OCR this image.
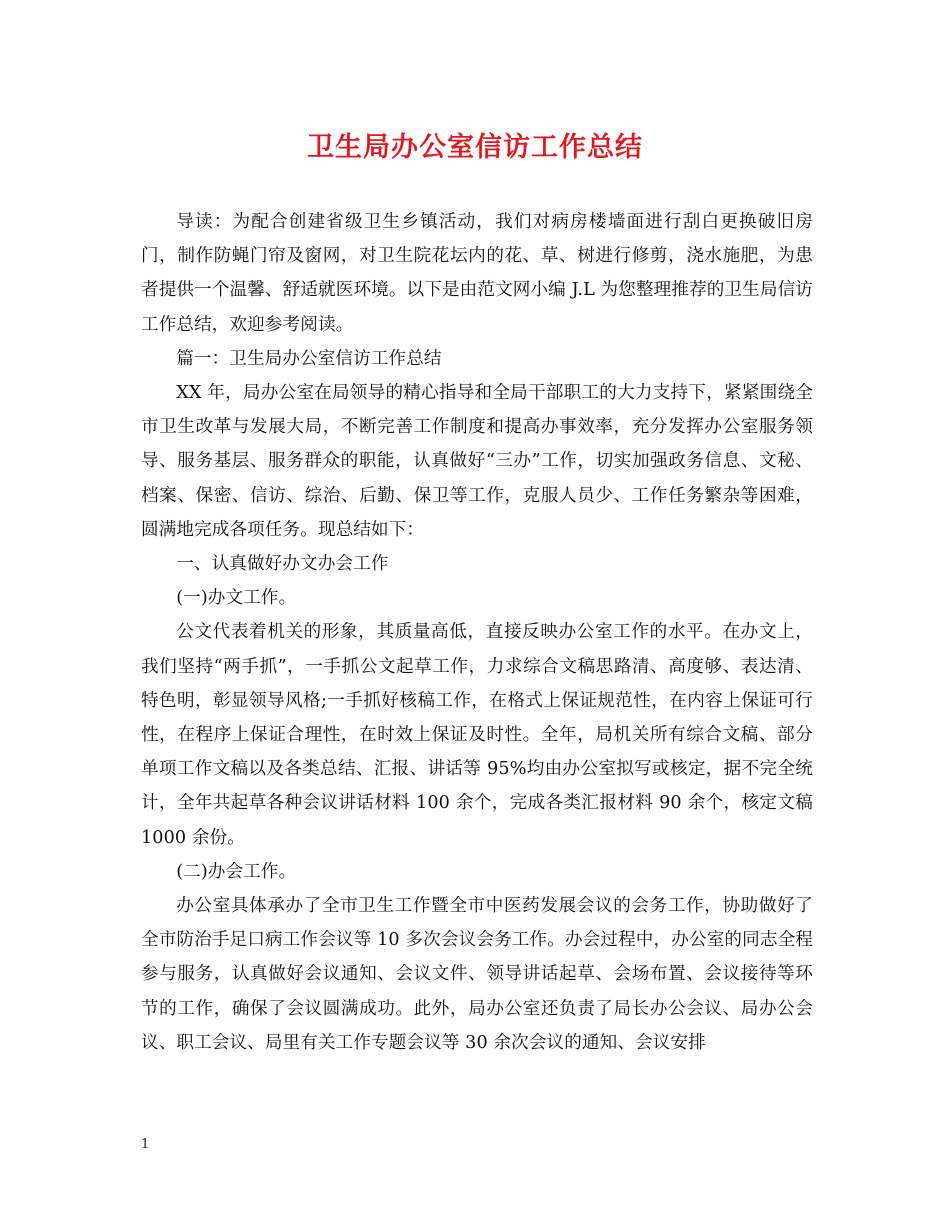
卫生局办公室信访工作总结

导读：为配合创建省级卫生乡镇活动，我们对病房楼墙面进行刮白更换破旧房门，制作防蝇门帘及窗网，对卫生院花坛内的花、草、树进行修剪，浇水施肥，为患者提供一个温馨、舒适就医环境。以下是由范文网小编 J.L 为您整理推荐的卫生局信访工作总结，欢迎参考阅读。

篇一：卫生局办公室信访工作总结

XX 年，局办公室在局领导的精心指导和全局干部职工的大力支持下，紧紧围绕全市卫生改革与发展大局，不断完善工作制度和提高办事效率，充分发挥办公室服务领导、服务基层、服务群众的职能，认真做好“三办”工作，切实加强政务信息、文秘、档案、保密、信访、综治、后勤、保卫等工作，克服人员少、工作任务繁杂等困难，圆满地完成各项任务。现总结如下：

一、认真做好办文办会工作

(一)办文工作。

公文代表着机关的形象，其质量高低，直接反映办公室工作的水平。在办文上，我们坚持“两手抓”，一手抓公文起草工作，力求综合文稿思路清、高度够、表达清、特色明，彰显领导风格;一手抓好核稿工作，在格式上保证规范性，在内容上保证可行性，在程序上保证合理性，在时效上保证及时性。全年，局机关所有综合文稿、部分单项工作文稿以及各类总结、汇报、讲话等 95%均由办公室拟写或核定，据不完全统计，全年共起草各种会议讲话材料 100 余个，完成各类汇报材料 90 余个，核定文稿 1000 余份。

(二)办会工作。

办公室具体承办了全市卫生工作暨全市中医药发展会议的会务工作，协助做好了全市防治手足口病工作会议等 10 多次会议会务工作。办会过程中，办公室的同志全程参与服务，认真做好会议通知、会议文件、领导讲话起草、会场布置、会议接待等环节的工作，确保了会议圆满成功。此外，局办公室还负责了局长办公会议、局办公会议、职工会议、局里有关工作专题会议等 30 余次会议的通知、会议安排

1
